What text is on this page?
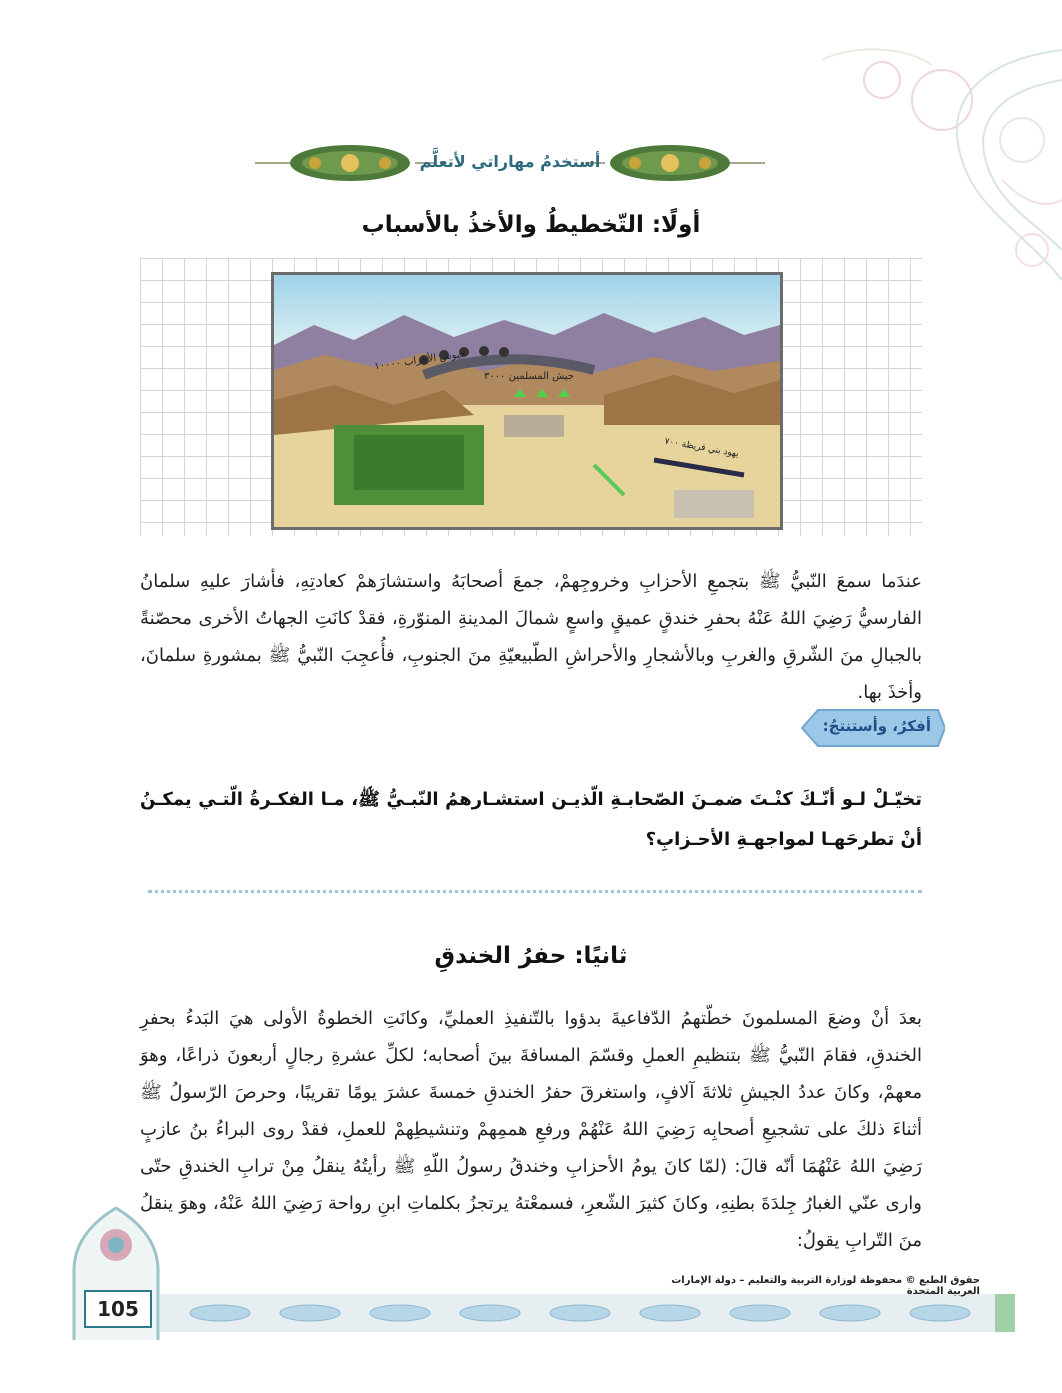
أستخدمُ مهاراتي لأتعلَّم
أولًا: التّخطيطُ والأخذُ بالأسباب
جيوش الأحزاب ١٠٠٠٠
جيش المسلمين ٣٠٠٠
يهود بني قريظة ٧٠٠
عندَما سمعَ النّبيُّ ﷺ بتجمعِ الأحزابِ وخروجِهمْ، جمعَ أصحابَهُ واستشارَهمْ كعادتِهِ، فأشارَ عليهِ سلمانُ الفارسيُّ رَضِيَ اللهُ عَنْهُ بحفرِ خندقٍ عميقٍ واسعٍ شمالَ المدينةِ المنوّرةِ، فقدْ كانَتِ الجهاتُ الأخرى محصّنةً بالجبالِ منَ الشّرقِ والغربِ وبالأشجارِ والأحراشِ الطّبيعيّةِ منَ الجنوبِ، فأُعجِبَ النّبيُّ ﷺ بمشورةِ سلمانَ، وأخذَ بها.
أفكرُ، وأستنتجُ:
تخيّـلْ لـو أنّـكَ كنْـتَ ضمـنَ الصّحابـةِ الّذيـن استشـارهمُ النّبـيُّ ﷺ، مـا الفكـرةُ الّتـي يمكـنُ أنْ تطرحَهـا لمواجهـةِ الأحـزابِ؟
ثانيًا: حفرُ الخندقِ
بعدَ أنْ وضعَ المسلمونَ خطّتهمُ الدّفاعيةَ بدؤوا بالتّنفيذِ العمليِّ، وكانَتِ الخطوةُ الأولى هيَ البَدءُ بحفرِ الخندقِ، فقامَ النّبيُّ ﷺ بتنظيمِ العملِ وقسّمَ المسافةَ بينَ أصحابه؛ لكلِّ عشرةِ رجالٍ أربعونَ ذراعًا، وهوَ معهمْ، وكانَ عددُ الجيشِ ثلاثةَ آلافٍ، واستغرقَ حفرُ الخندقِ خمسةَ عشرَ يومًا تقريبًا، وحرصَ الرّسولُ ﷺ أثناءَ ذلكَ على تشجيعِ أصحابِه رَضِيَ اللهُ عَنْهُمْ ورفعِ هممِهمْ وتنشيطِهمْ للعملِ، فقدْ روى البراءُ بنُ عازبٍ رَضِيَ اللهُ عَنْهُمَا أنّه قالَ: (لمّا كانَ يومُ الأحزابِ وخندقُ رسولُ اللّهِ ﷺ رأيتُهُ ينقلُ مِنْ ترابِ الخندقِ حتّى وارى عنّي الغبارُ جِلدَةَ بطنِهِ، وكانَ كثيرَ الشّعرِ، فسمعْتهُ يرتجزُ بكلماتِ ابنِ رواحة رَضِيَ اللهُ عَنْهُ، وهوَ ينقلُ منَ التّرابِ يقولُ:
حقوق الطبع © محفوظة لوزارة التربية والتعليم – دولة الإمارات العربية المتحدة
105
